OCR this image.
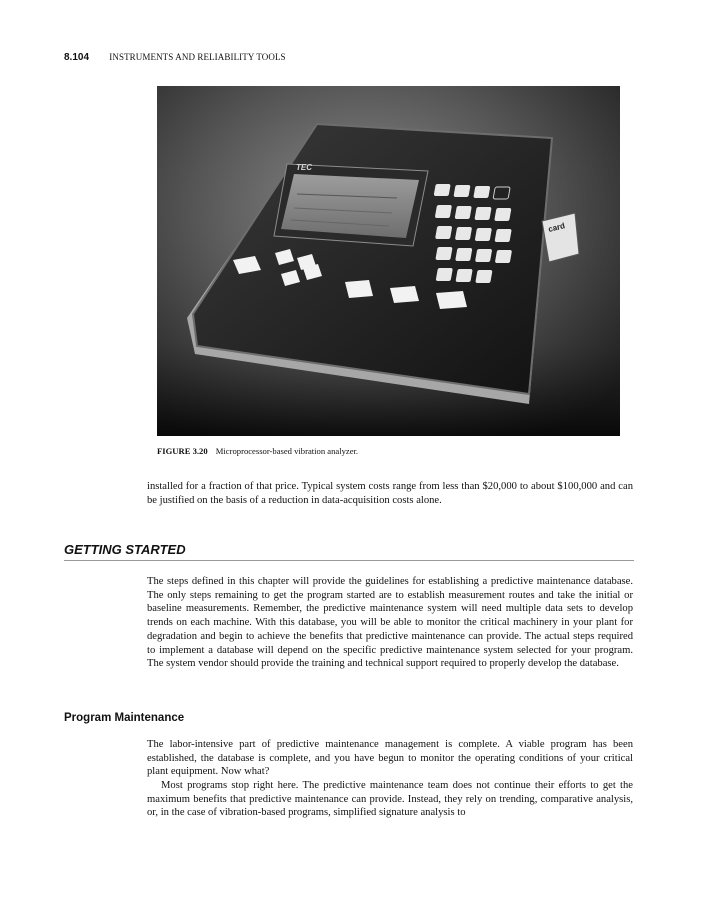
8.104 INSTRUMENTS AND RELIABILITY TOOLS
TEC
card
FIGURE 3.20 Microprocessor-based vibration analyzer.

installed for a fraction of that price. Typical system costs range from less than $20,000 to about $100,000 and can be justified on the basis of a reduction in data-acquisition costs alone.

GETTING STARTED

The steps defined in this chapter will provide the guidelines for establishing a predictive maintenance database. The only steps remaining to get the program started are to establish measurement routes and take the initial or baseline measurements. Remember, the predictive maintenance system will need multiple data sets to develop trends on each machine. With this database, you will be able to monitor the critical machinery in your plant for degradation and begin to achieve the benefits that predictive maintenance can provide. The actual steps required to implement a database will depend on the specific predictive maintenance system selected for your program. The system vendor should provide the training and technical support required to properly develop the database.

Program Maintenance

The labor-intensive part of predictive maintenance management is complete. A viable program has been established, the database is complete, and you have begun to monitor the operating conditions of your critical plant equipment. Now what?

Most programs stop right here. The predictive maintenance team does not continue their efforts to get the maximum benefits that predictive maintenance can provide. Instead, they rely on trending, comparative analysis, or, in the case of vibration-based programs, simplified signature analysis to
